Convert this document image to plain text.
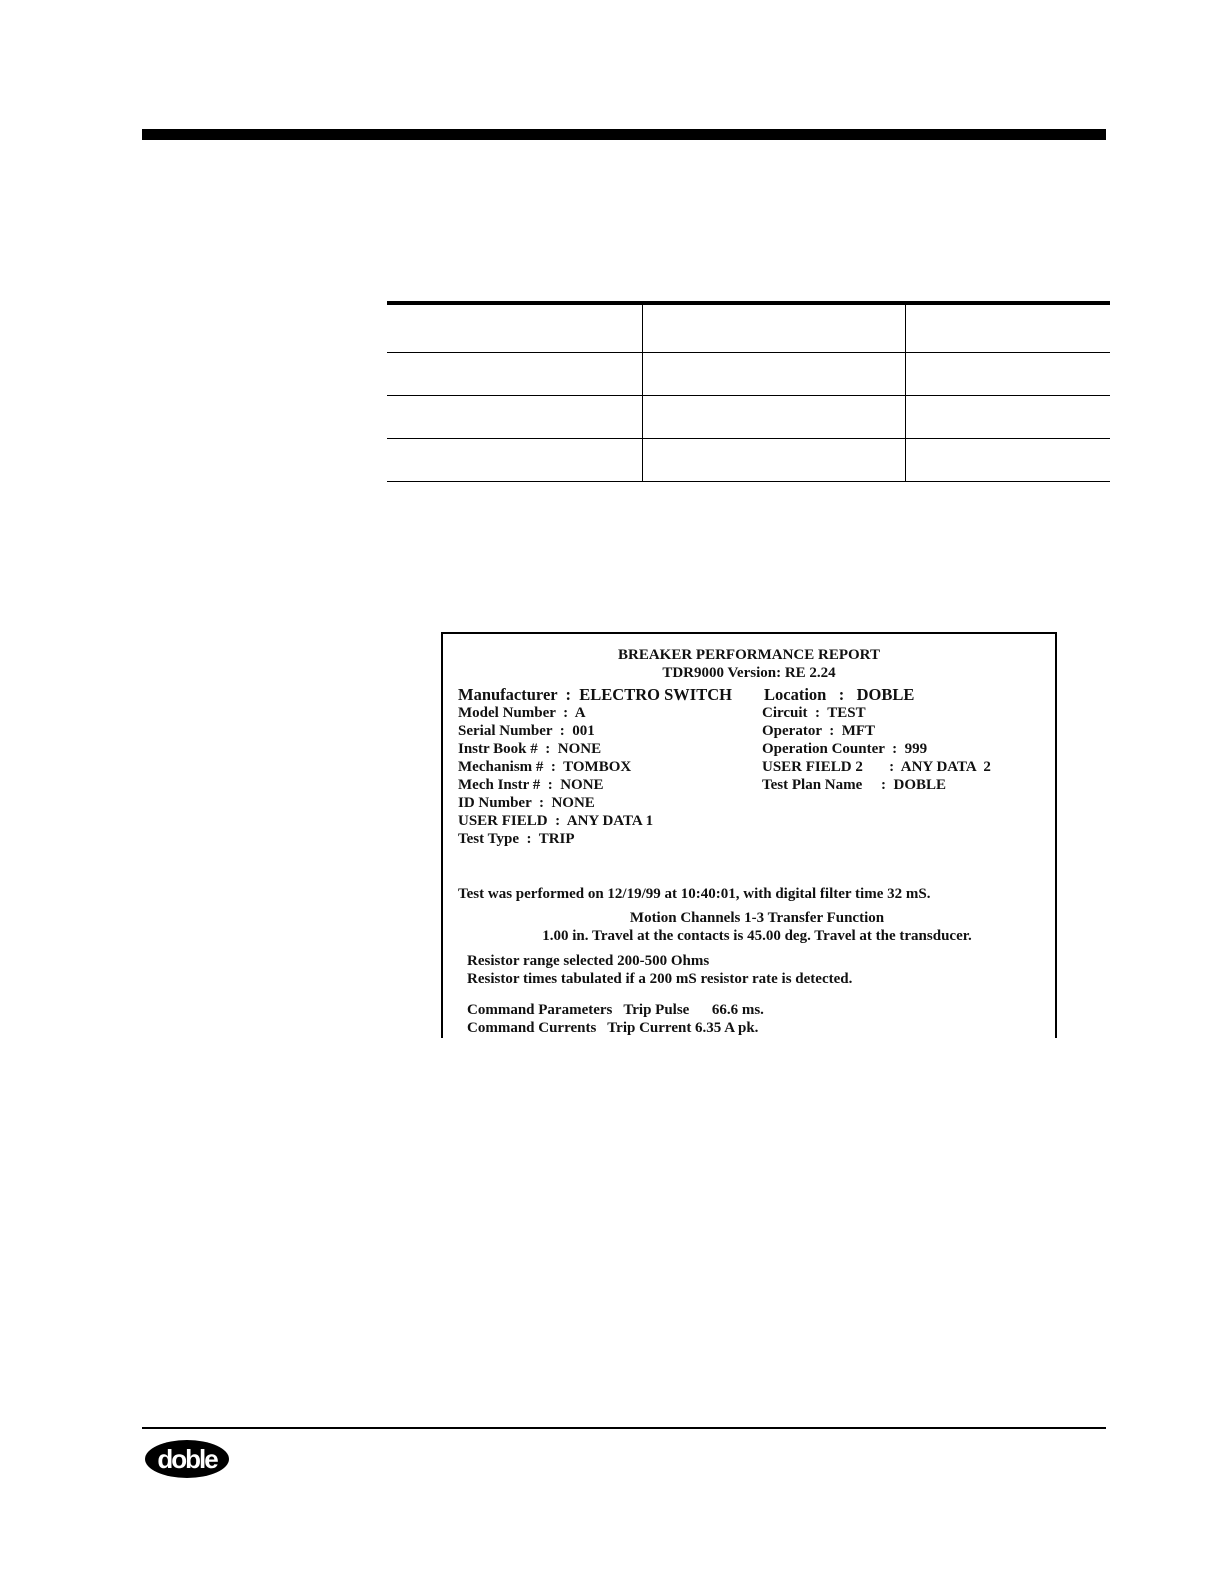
BREAKER PERFORMANCE REPORT
TDR9000 Version: RE 2.24
Manufacturer  :  ELECTRO SWITCH
Model Number  :  A
Serial Number  :  001
Instr Book #  :  NONE
Mechanism #  :  TOMBOX
Mech Instr #  :  NONE
ID Number  :  NONE
USER FIELD  :  ANY DATA 1
Test Type  :  TRIP
Location   :   DOBLE
Circuit  :  TEST
Operator  :  MFT
Operation Counter  :  999
USER FIELD 2       :  ANY DATA  2
Test Plan Name     :  DOBLE
Test was performed on 12/19/99 at 10:40:01, with digital filter time 32 mS.
Motion Channels 1-3 Transfer Function
1.00 in. Travel at the contacts is 45.00 deg. Travel at the transducer.
Resistor range selected 200-500 Ohms
Resistor times tabulated if a 200 mS resistor rate is detected.
Command Parameters   Trip Pulse      66.6 ms.
Command Currents   Trip Current 6.35 A pk.
doble
